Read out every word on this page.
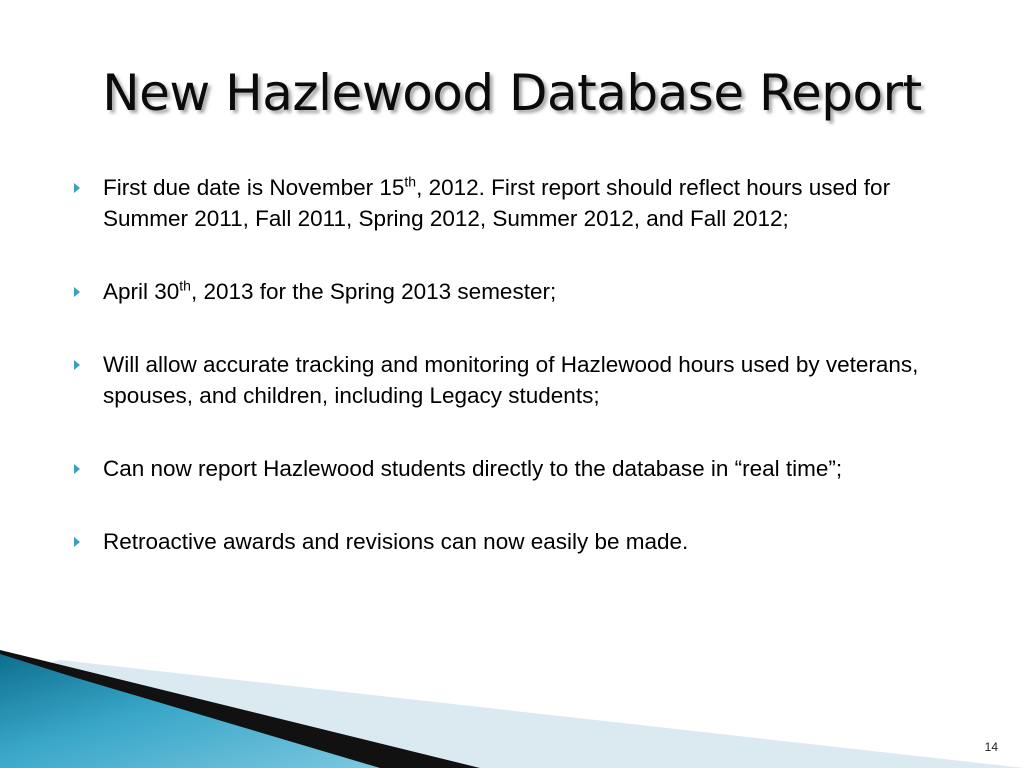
New Hazlewood Database Report
First due date is November 15th, 2012. First report should reflect hours used for Summer 2011, Fall 2011, Spring 2012, Summer 2012, and Fall 2012;
April 30th, 2013 for the Spring 2013 semester;
Will allow accurate tracking and monitoring of Hazlewood hours used by veterans, spouses, and children, including Legacy students;
Can now report Hazlewood students directly to the database in “real time”;
Retroactive awards and revisions can now easily be made.
14
